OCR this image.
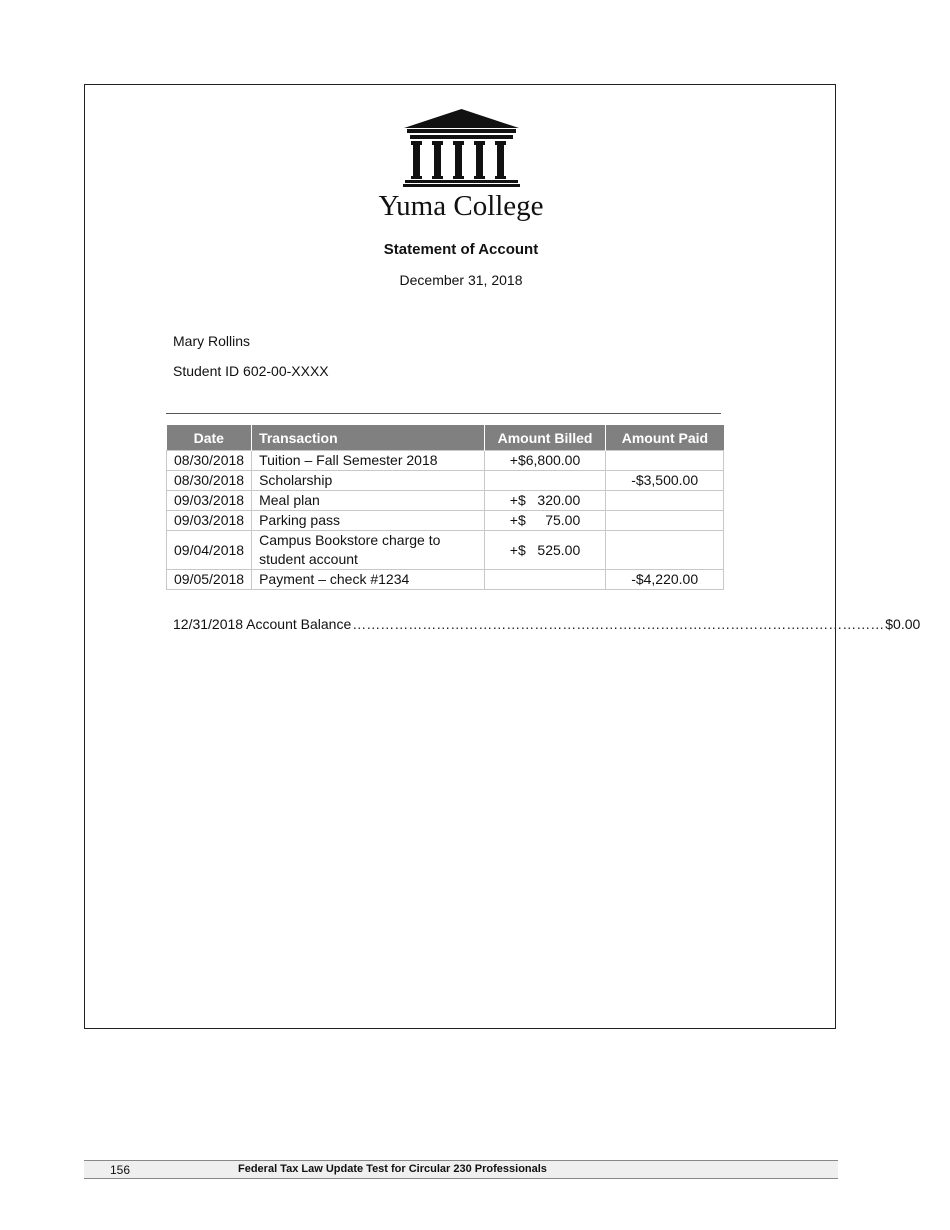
Yuma College
Statement of Account
December 31, 2018
Mary Rollins
Student ID 602-00-XXXX
Date	Transaction	Amount Billed	Amount Paid
08/30/2018	Tuition – Fall Semester 2018	+$6,800.00	
08/30/2018	Scholarship		-$3,500.00
09/03/2018	Meal plan	+$   320.00	
09/03/2018	Parking pass	+$     75.00	
09/04/2018	Campus Bookstore charge to student account	+$   525.00	
09/05/2018	Payment – check #1234		-$4,220.00
12/31/2018 Account Balance …………………………………………………………………………………………………… $0.00
156	Federal Tax Law Update Test for Circular 230 Professionals
